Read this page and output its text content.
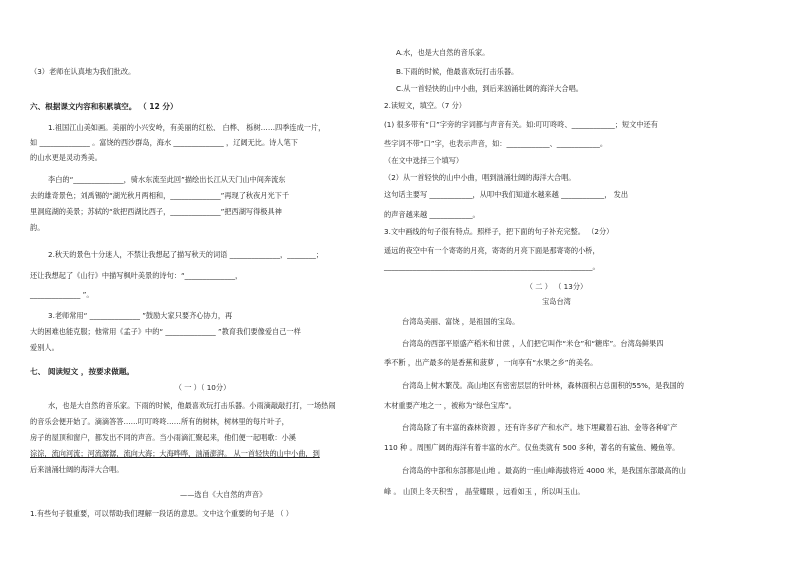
（3）老师在认真地为我们批改。
六、根据课文内容和积累填空。 （ 12 分）
1.祖国江山美如画。美丽的小兴安岭，有美丽的红松、 白桦、 栎树……四季连成一片，
如 ______________ 。富饶的西沙群岛，海水 ______________ ，辽阔无比。诗人笔下
的山水更是灵动秀美。
李白的“______________，骑水东流至此回”描绘出长江从天门山中间奔流东
去的雄奇景色；刘禹锡的“湖光秋月两相和，______________”再现了秋夜月光下千
里洞庭湖的美景；苏轼的“欲把西湖比西子，______________”把西湖写得极具神
韵。
2.秋天的景色十分迷人，不禁让我想起了描写秋天的词语 ______________，________；
还让我想起了《山行》中描写枫叶美景的诗句：“______________，
______________ ”。
3.老师常用“ ______________ ”鼓励大家只要齐心协力，再
大的困难也能克服；他常用《孟子》中的“ ______________ ”教育我们要像爱自己一样
爱别人。
七、 阅读短文 ，按要求做题。
（ 一 ）（ 10分）
水，也是大自然的音乐家。下雨的时候，他最喜欢玩打击乐器。小雨滴敲敲打打，一场热闹
的音乐会便开始了。滴滴答答……叮叮咚咚……所有的树林，树林里的每片叶子，
房子的屋顶和窗户，都发出不同的声音。当小雨滴汇聚起来，他们便一起唱歌：小溪
淙淙，流向河流；河流潺潺，流向大海；大海哗哗，汹涌澎湃。 从一首轻快的山中小曲，到
后来汹涌壮阔的海洋大合唱。
——选自《大自然的声音》
1.有些句子很重要，可以帮助我们理解一段话的意思。文中这个重要的句子是 （ ）
A.水，也是大自然的音乐家。
B.下雨的时候，他最喜欢玩打击乐器。
C.从一首轻快的山中小曲，到后来汹涌壮阔的海洋大合唱。
2.读短文，填空。（7 分）
(1) 很多带有“口”字旁的字词都与声音有关。如:叮叮咚咚、____________；短文中还有
些字词不带“口”字，也表示声音，如：____________、____________。
（在文中选择三个填写）
（2）从一首轻快的山中小曲，唱到汹涌壮阔的海洋大合唱。
这句话主要写 ____________，从叩中我们知道水越来越 ____________， 发出
的声音越来越 ____________。
3.文中画线的句子很有特点。照样子，把下面的句子补充完整。 （2分）
遥远的夜空中有一个寄寄的月亮，寄寄的月亮下面是那寄寄的小桥，
__________________________________________________________。
（ 二 ） （ 13分）
宝岛台湾
台湾岛美丽、富饶 ，是祖国的宝岛。
台湾岛的西部平原盛产稻米和甘蔗 ，人们把它叫作“米仓”和“糖库”。台湾岛鲜果四
季不断 ，出产最多的是香蕉和菠萝 ，一向享有“水果之乡”的美名。
台湾岛上树木繁茂。高山地区有密密层层的针叶林，森林面积占总面积的55%，是我国的
木材重要产地之一 ，被称为“绿色宝库”。
台湾岛除了有丰富的森林资源 ，还有许多矿产和水产。地下埋藏着石油、金等各种矿产
110 种 。周围广阔的海洋有着丰富的水产。仅鱼类就有 500 多种，著名的有鲨鱼、鳗鱼等。
台湾岛的中部和东部都是山地 。最高的一座山峰海拔将近 4000 米，是我国东部最高的山
峰 。 山顶上冬天积雪 ， 晶莹耀眼 ，远看如玉 ，所以叫玉山。
